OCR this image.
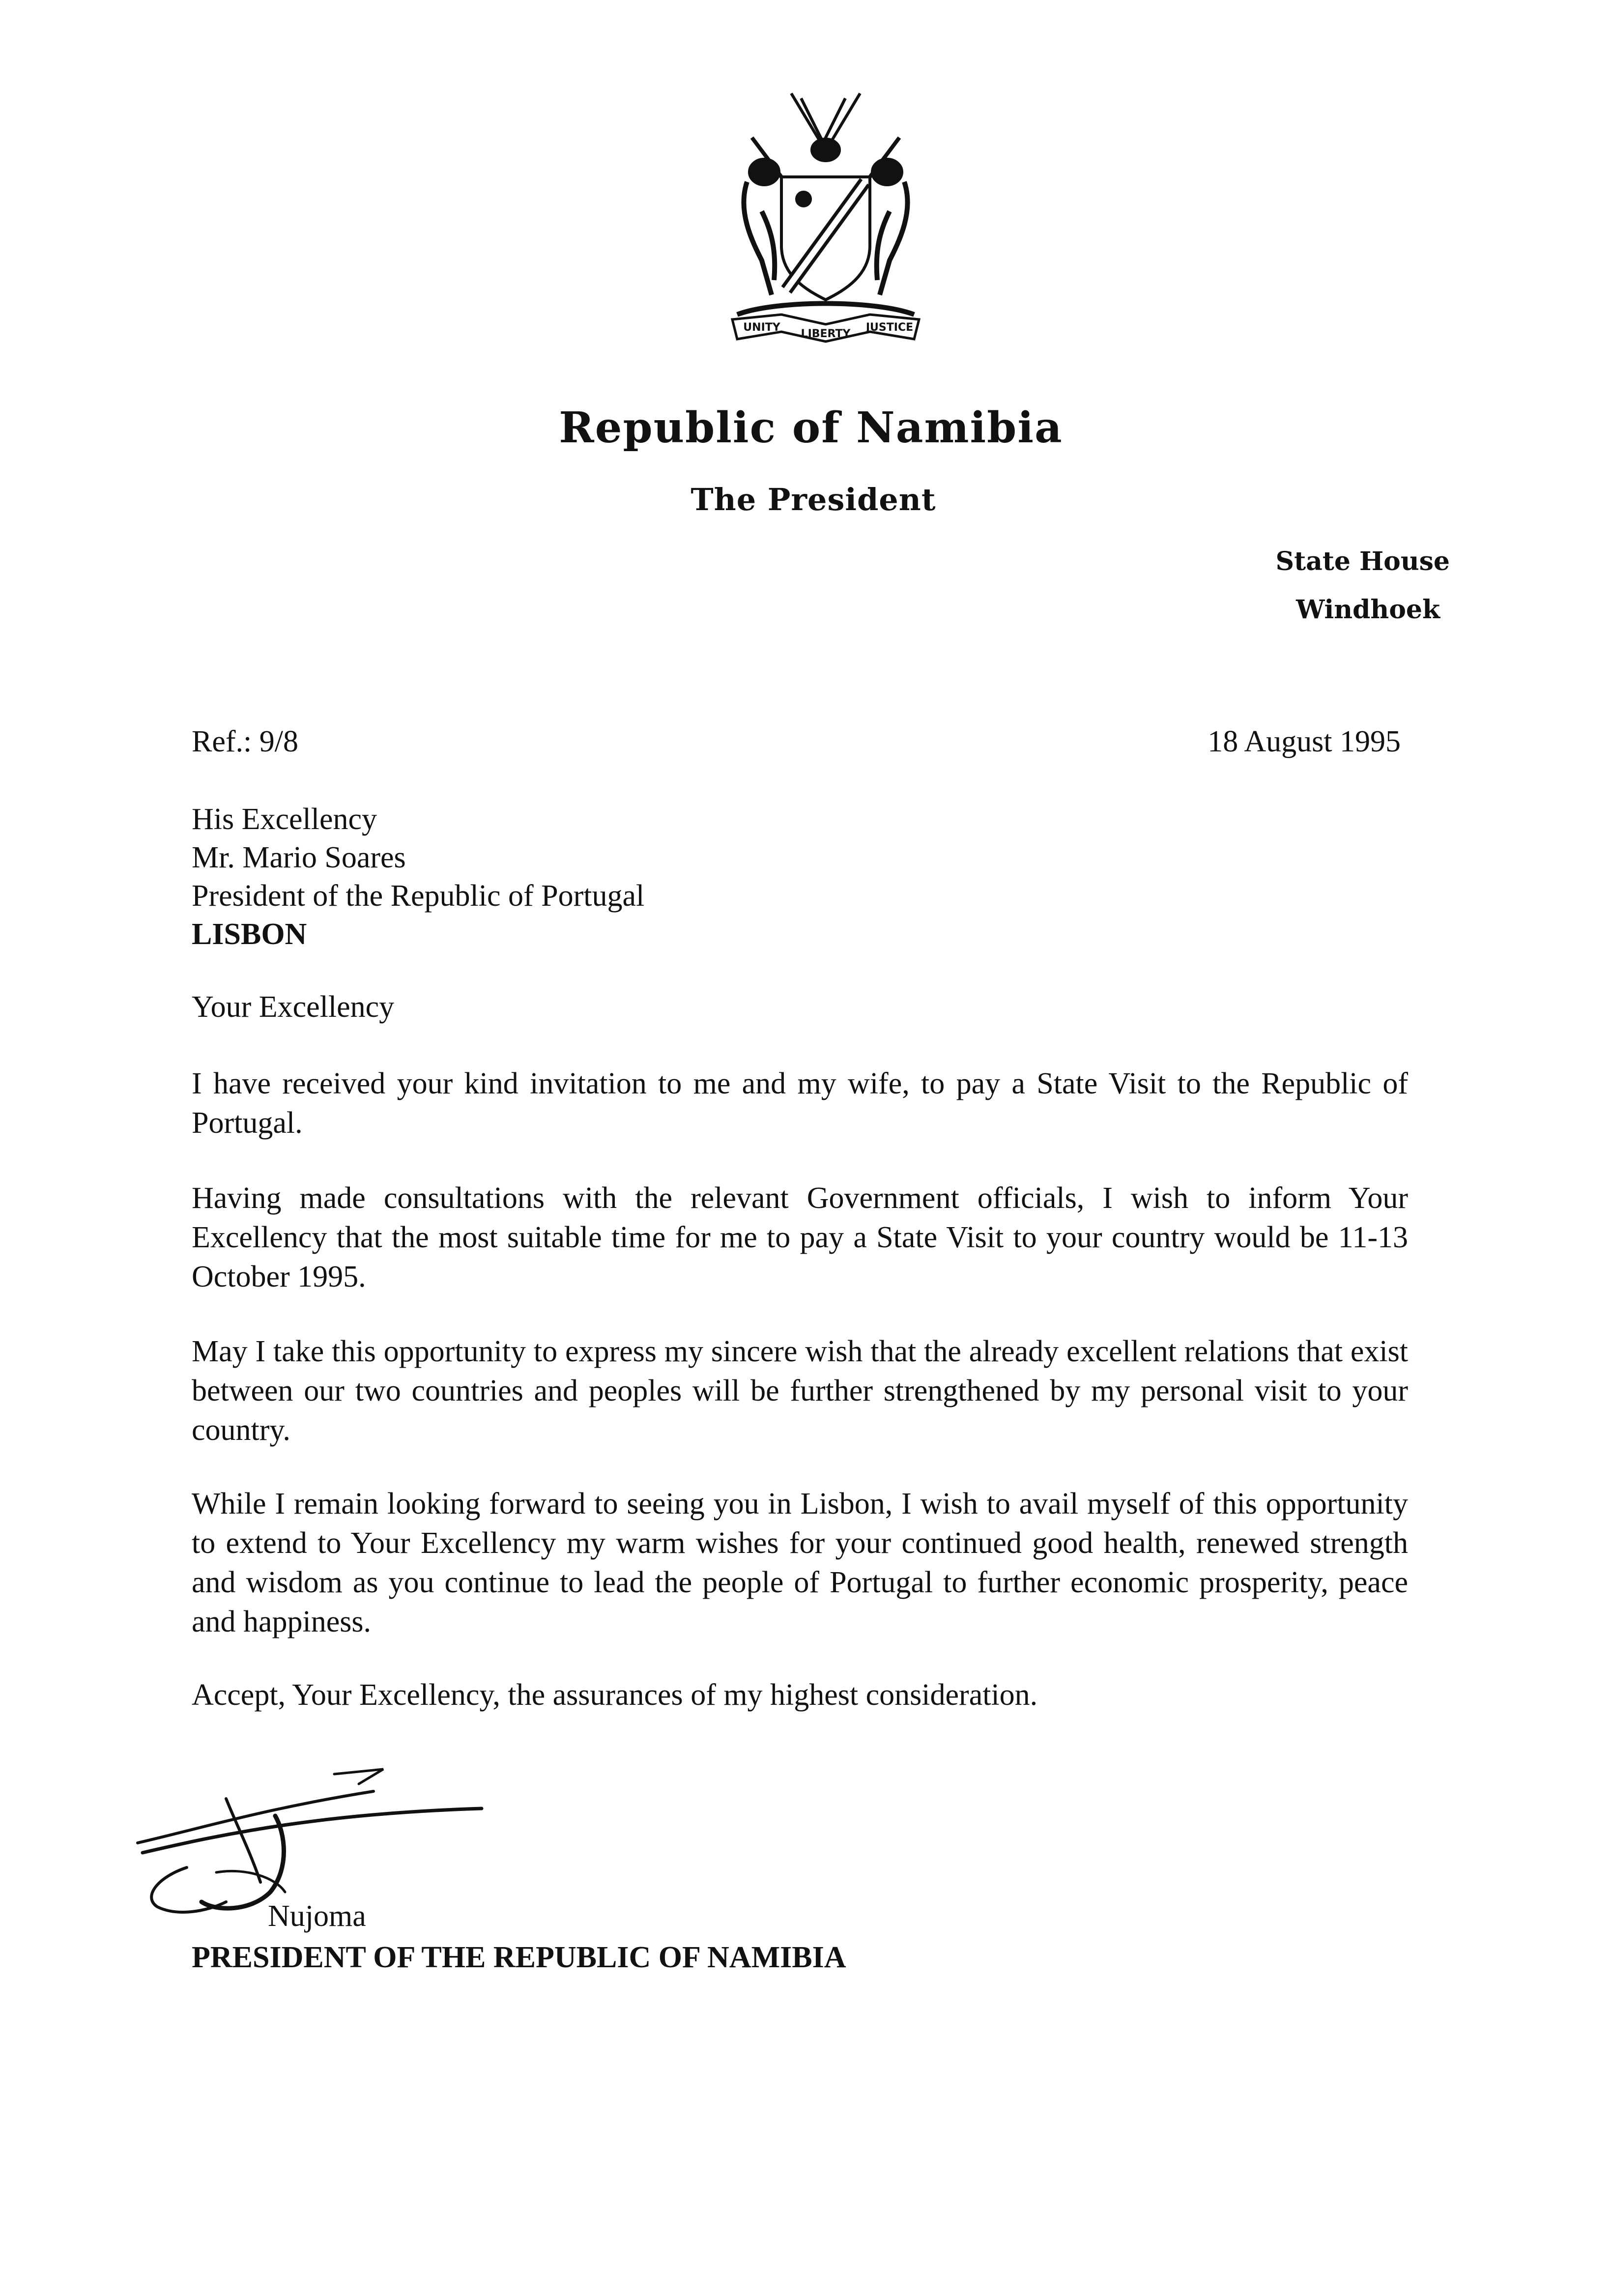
UNITY
LIBERTY
JUSTICE
Republic of Namibia
The President
State House
Windhoek
Ref.: 9/8	18 August 1995
His Excellency
Mr. Mario Soares
President of the Republic of Portugal
LISBON
Your Excellency
I have received your kind invitation to me and my wife, to pay a State Visit to the Republic of Portugal.
Having made consultations with the relevant Government officials, I wish to inform Your Excellency that the most suitable time for me to pay a State Visit to your country would be 11-13 October 1995.
May I take this opportunity to express my sincere wish that the already excellent relations that exist between our two countries and peoples will be further strengthened by my personal visit to your country.
While I remain looking forward to seeing you in Lisbon, I wish to avail myself of this opportunity to extend to Your Excellency my warm wishes for your continued good health, renewed strength and wisdom as you continue to lead the people of Portugal to further economic prosperity, peace and happiness.
Accept, Your Excellency, the assurances of my highest consideration.
Nujoma
PRESIDENT OF THE REPUBLIC OF NAMIBIA
